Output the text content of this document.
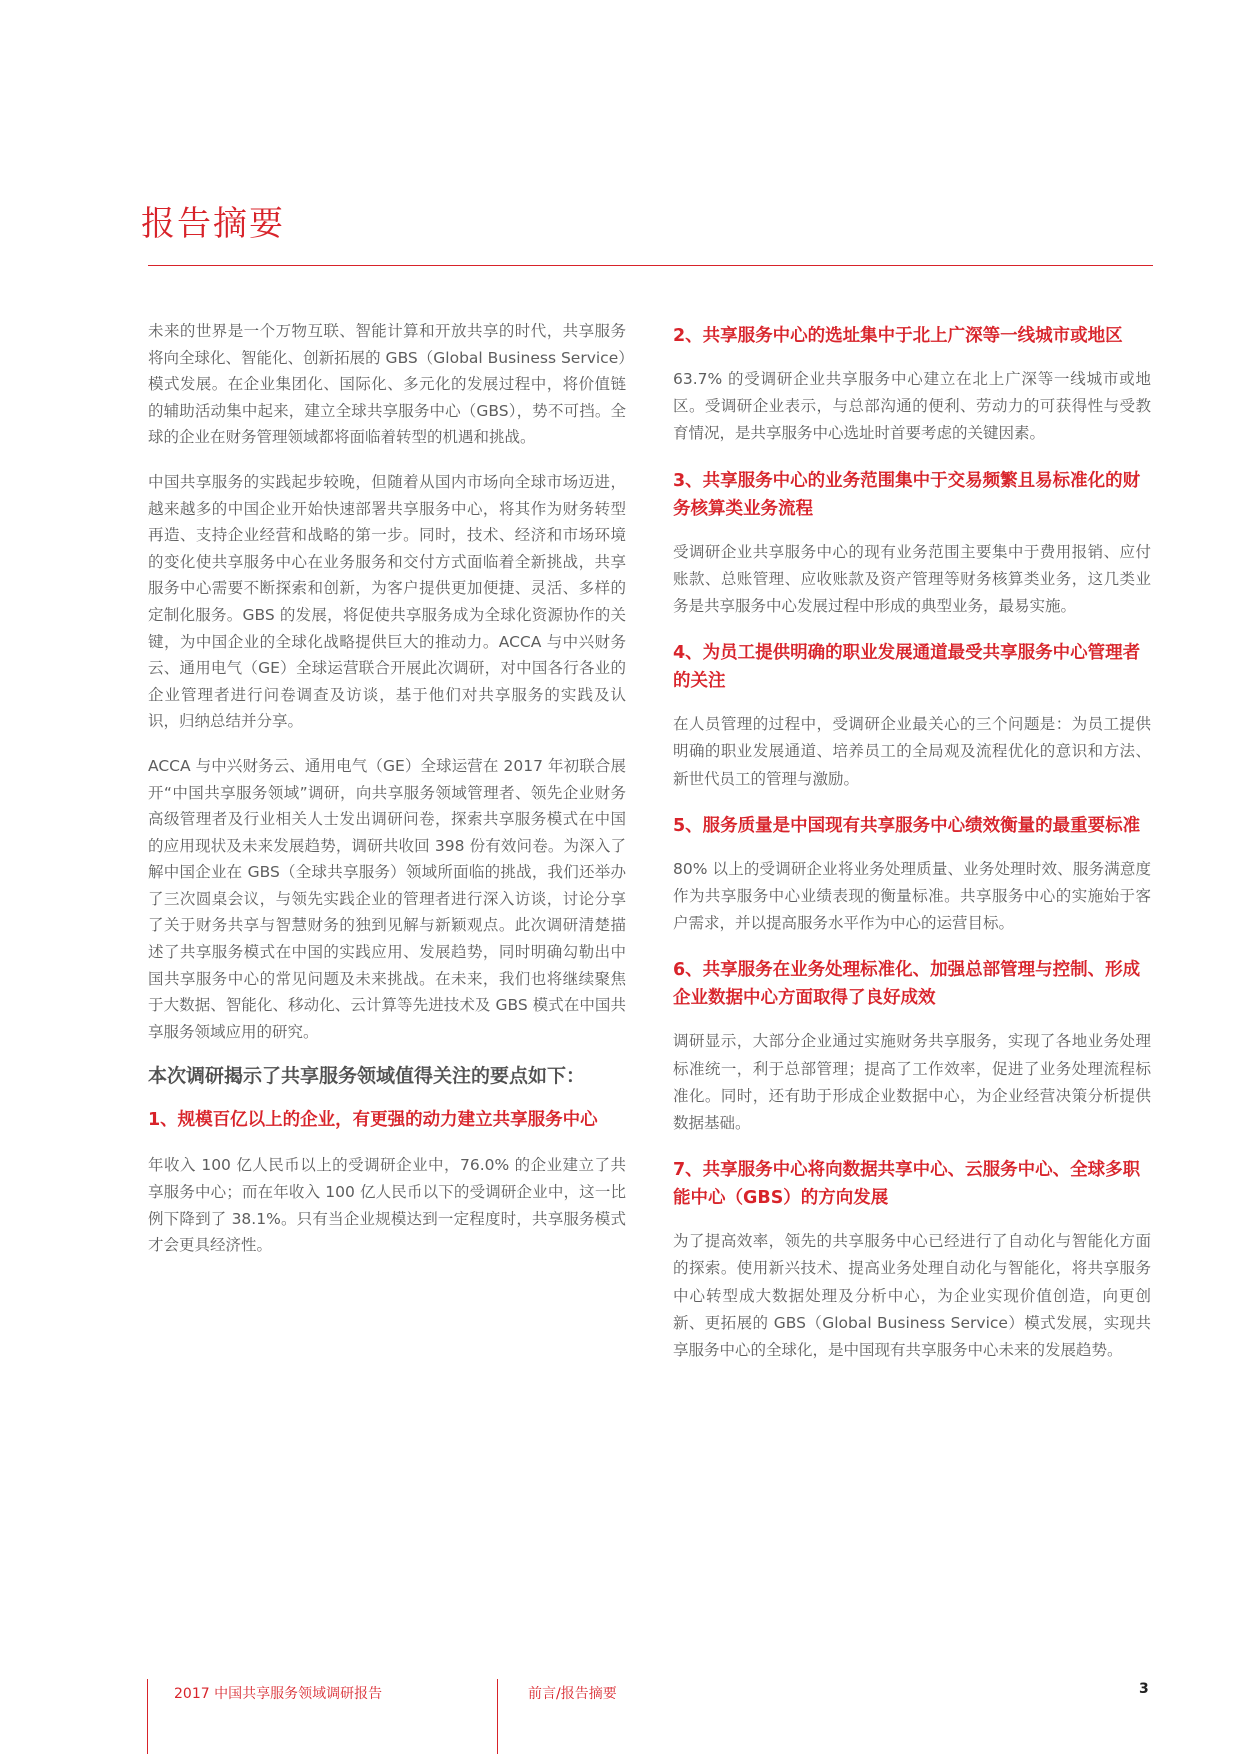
报告摘要

未来的世界是一个万物互联、智能计算和开放共享的时代，共享服务将向全球化、智能化、创新拓展的 GBS（Global Business Service）模式发展。在企业集团化、国际化、多元化的发展过程中，将价值链的辅助活动集中起来，建立全球共享服务中心（GBS），势不可挡。全球的企业在财务管理领域都将面临着转型的机遇和挑战。

中国共享服务的实践起步较晚，但随着从国内市场向全球市场迈进，越来越多的中国企业开始快速部署共享服务中心，将其作为财务转型再造、支持企业经营和战略的第一步。同时，技术、经济和市场环境的变化使共享服务中心在业务服务和交付方式面临着全新挑战，共享服务中心需要不断探索和创新，为客户提供更加便捷、灵活、多样的定制化服务。GBS 的发展，将促使共享服务成为全球化资源协作的关键，为中国企业的全球化战略提供巨大的推动力。ACCA 与中兴财务云、通用电气（GE）全球运营联合开展此次调研，对中国各行各业的企业管理者进行问卷调查及访谈，基于他们对共享服务的实践及认识，归纳总结并分享。

ACCA 与中兴财务云、通用电气（GE）全球运营在 2017 年初联合展开“中国共享服务领域”调研，向共享服务领域管理者、领先企业财务高级管理者及行业相关人士发出调研问卷，探索共享服务模式在中国的应用现状及未来发展趋势，调研共收回 398 份有效问卷。为深入了解中国企业在 GBS（全球共享服务）领域所面临的挑战，我们还举办了三次圆桌会议，与领先实践企业的管理者进行深入访谈，讨论分享了关于财务共享与智慧财务的独到见解与新颖观点。此次调研清楚描述了共享服务模式在中国的实践应用、发展趋势，同时明确勾勒出中国共享服务中心的常见问题及未来挑战。在未来，我们也将继续聚焦于大数据、智能化、移动化、云计算等先进技术及 GBS 模式在中国共享服务领域应用的研究。

本次调研揭示了共享服务领域值得关注的要点如下：
1、规模百亿以上的企业，有更强的动力建立共享服务中心

年收入 100 亿人民币以上的受调研企业中，76.0% 的企业建立了共享服务中心；而在年收入 100 亿人民币以下的受调研企业中，这一比例下降到了 38.1%。只有当企业规模达到一定程度时，共享服务模式才会更具经济性。

2、共享服务中心的选址集中于北上广深等一线城市或地区

63.7% 的受调研企业共享服务中心建立在北上广深等一线城市或地区。受调研企业表示，与总部沟通的便利、劳动力的可获得性与受教育情况，是共享服务中心选址时首要考虑的关键因素。

3、共享服务中心的业务范围集中于交易频繁且易标准化的财务核算类业务流程

受调研企业共享服务中心的现有业务范围主要集中于费用报销、应付账款、总账管理、应收账款及资产管理等财务核算类业务，这几类业务是共享服务中心发展过程中形成的典型业务，最易实施。

4、为员工提供明确的职业发展通道最受共享服务中心管理者的关注

在人员管理的过程中，受调研企业最关心的三个问题是：为员工提供明确的职业发展通道、培养员工的全局观及流程优化的意识和方法、新世代员工的管理与激励。

5、服务质量是中国现有共享服务中心绩效衡量的最重要标准

80% 以上的受调研企业将业务处理质量、业务处理时效、服务满意度作为共享服务中心业绩表现的衡量标准。共享服务中心的实施始于客户需求，并以提高服务水平作为中心的运营目标。

6、共享服务在业务处理标准化、加强总部管理与控制、形成企业数据中心方面取得了良好成效

调研显示，大部分企业通过实施财务共享服务，实现了各地业务处理标准统一，利于总部管理；提高了工作效率，促进了业务处理流程标准化。同时，还有助于形成企业数据中心，为企业经营决策分析提供数据基础。

7、共享服务中心将向数据共享中心、云服务中心、全球多职能中心（GBS）的方向发展

为了提高效率，领先的共享服务中心已经进行了自动化与智能化方面的探索。使用新兴技术、提高业务处理自动化与智能化，将共享服务中心转型成大数据处理及分析中心，为企业实现价值创造，向更创新、更拓展的 GBS（Global Business Service）模式发展，实现共享服务中心的全球化，是中国现有共享服务中心未来的发展趋势。

2017 中国共享服务领域调研报告	前言/报告摘要	3
